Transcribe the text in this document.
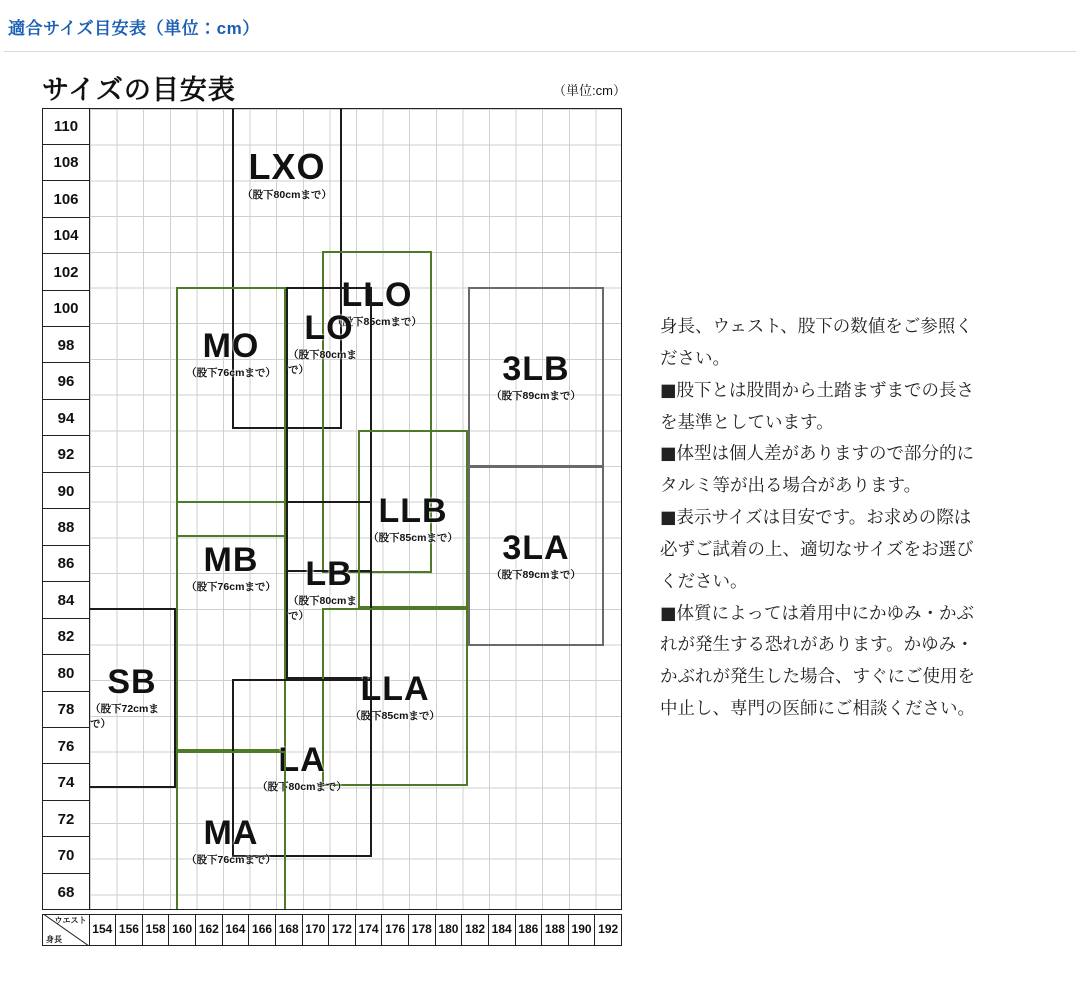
適合サイズ目安表（単位：cm）
サイズの目安表	（単位:cm）
110
108
106
104
102
100
98
96
94
92
90
88
86
84
82
80
78
76
74
72
70
68
LXO
（股下80cmまで）
LLO
（股下85cmまで）
3LB
（股下89cmまで）
LO
（股下80cmまで）
MO
（股下76cmまで）
LLB
（股下85cmまで）
LB
（股下80cmまで）
3LA
（股下89cmまで）
MB
（股下76cmまで）
LLA
（股下85cmまで）
SB
（股下72cmまで）
LA
（股下80cmまで）
MA
（股下76cmまで）
ウエスト
身長
154 156 158 160 162 164 166 168 170 172 174 176 178 180 182 184 186 188 190 192

身長、ウェスト、股下の数値をご参照く

ださい。

■股下とは股間から土踏まずまでの長さ

を基準としています。

■体型は個人差がありますので部分的に

タルミ等が出る場合があります。

■表示サイズは目安です。お求めの際は

必ずご試着の上、適切なサイズをお選び

ください。

■体質によっては着用中にかゆみ・かぶ

れが発生する恐れがあります。かゆみ・

かぶれが発生した場合、すぐにご使用を

中止し、専門の医師にご相談ください。
